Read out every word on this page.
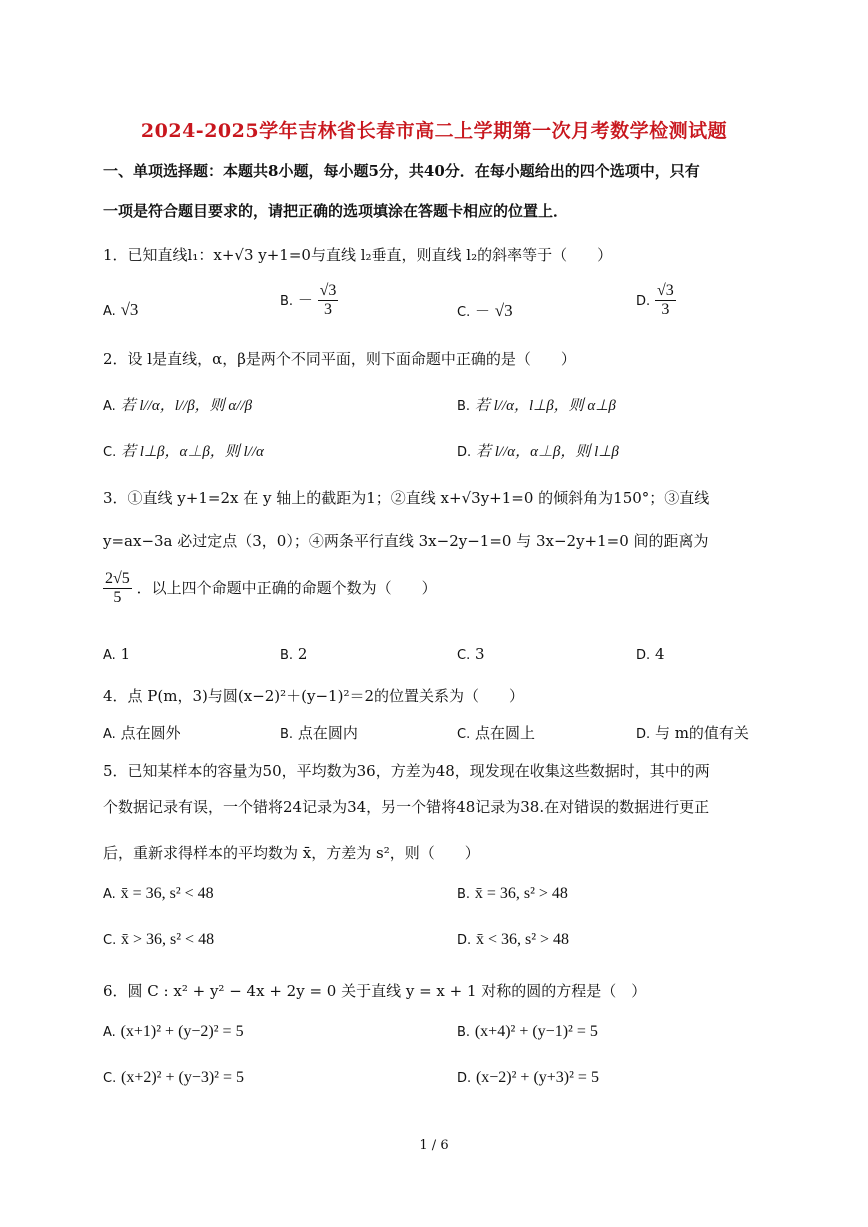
2024-2025学年吉林省长春市高二上学期第一次月考数学检测试题
一、单项选择题：本题共8小题，每小题5分，共40分．在每小题给出的四个选项中，只有
一项是符合题目要求的，请把正确的选项填涂在答题卡相应的位置上．
1．已知直线l₁：x+√3 y+1=0与直线 l₂垂直，则直线 l₂的斜率等于（　　）
A. √3	B. － $\frac{√3}{3}$	C. － √3	D. $\frac{√3}{3}$
2．设 l是直线，α，β是两个不同平面，则下面命题中正确的是（　　）
A. 若 l//α，l//β，则 α//β	B. 若 l//α，l⊥β，则 α⊥β
C. 若 l⊥β，α⊥β，则 l//α	D. 若 l//α，α⊥β，则 l⊥β
3．①直线 y+1=2x 在 y 轴上的截距为1；②直线 x+√3y+1=0 的倾斜角为150°；③直线
y=ax−3a 必过定点（3，0）；④两条平行直线 3x−2y−1=0 与 3x−2y+1=0 间的距离为
$\frac{2√5}{5}$ ．以上四个命题中正确的命题个数为（　　）
A. 1	B. 2	C. 3	D. 4
4．点 P(m，3)与圆(x−2)²＋(y−1)²＝2的位置关系为（　　）
A. 点在圆外	B. 点在圆内	C. 点在圆上	D. 与 m的值有关
5．已知某样本的容量为50，平均数为36，方差为48，现发现在收集这些数据时，其中的两
个数据记录有误，一个错将24记录为34，另一个错将48记录为38.在对错误的数据进行更正
后，重新求得样本的平均数为 x̄，方差为 s²，则（　　）
A. x̄ = 36, s² < 48	B. x̄ = 36, s² > 48
C. x̄ > 36, s² < 48	D. x̄ < 36, s² > 48
6．圆 C : x² + y² − 4x + 2y = 0 关于直线 y = x + 1 对称的圆的方程是（　）
A. (x+1)² + (y−2)² = 5	B. (x+4)² + (y−1)² = 5
C. (x+2)² + (y−3)² = 5	D. (x−2)² + (y+3)² = 5
1 / 6
